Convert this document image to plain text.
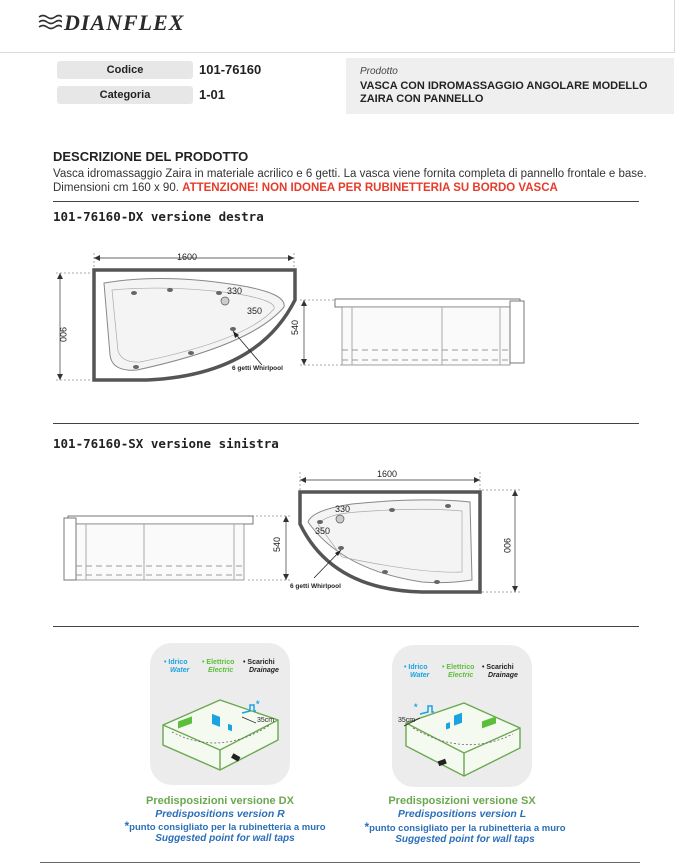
DIANFLEX
Codice	101-76160
Categoria	1-01
Prodotto
VASCA CON IDROMASSAGGIO ANGOLARE MODELLO ZAIRA CON PANNELLO
DESCRIZIONE DEL PRODOTTO
Vasca idromassaggio Zaira in materiale acrilico e 6 getti. La vasca viene fornita completa di pannello frontale e base. Dimensioni cm 160 x 90. ATTENZIONE! NON IDONEA PER RUBINETTERIA SU BORDO VASCA
101-76160-DX versione destra
1600
900
330
350
6 getti Whirlpool
540
101-76160-SX versione sinistra
1600
900
330
350
6 getti Whirlpool
540
• Idrico
Water
• Elettrico
Electric
• Scarichi
Drainage
*
35cm
Predisposizioni versione DX
Predispositions version R
*punto consigliato per la rubinetteria a muro
Suggested point for wall taps
• Idrico
Water
• Elettrico
Electric
• Scarichi
Drainage
*
35cm
Predisposizioni versione SX
Predispositions version L
*punto consigliato per la rubinetteria a muro
Suggested point for wall taps
